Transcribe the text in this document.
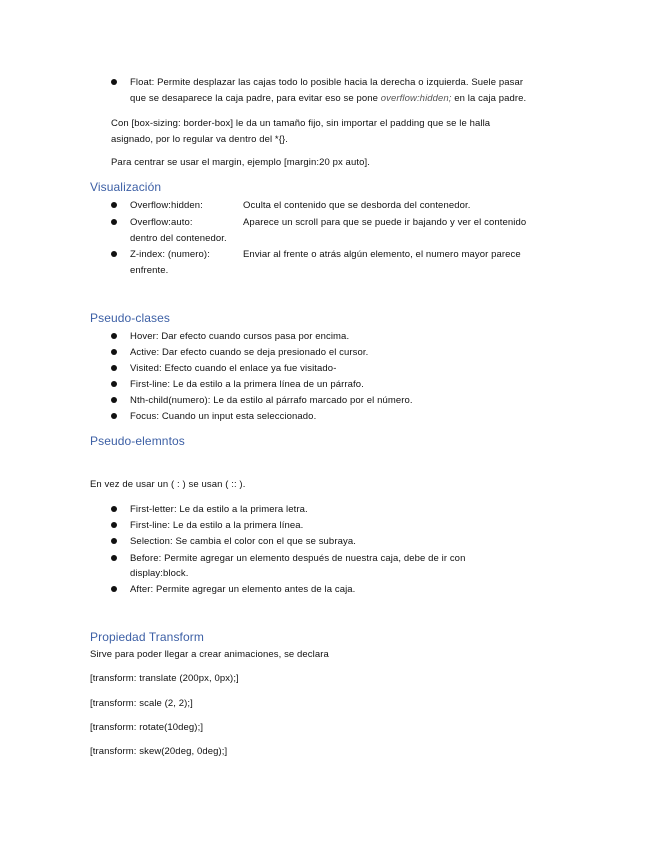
Float: Permite desplazar las cajas todo lo posible hacia la derecha o izquierda. Suele pasar
que se desaparece la caja padre, para evitar eso se pone overflow:hidden; en la caja padre.
Con [box-sizing: border-box] le da un tamaño fijo, sin importar el padding que se le halla
asignado, por lo regular va dentro del *{}.
Para centrar se usar el margin, ejemplo [margin:20 px auto].
Visualización
Overflow:hidden:	Oculta el contenido que se desborda del contenedor.
Overflow:auto:	Aparece un scroll para que se puede ir bajando y ver el contenido
dentro del contenedor.
Z-index: (numero):	Enviar al frente o atrás algún elemento, el numero mayor parece
enfrente.
Pseudo-clases
Hover: Dar efecto cuando cursos pasa por encima.
Active: Dar efecto cuando se deja presionado el cursor.
Visited: Efecto cuando el enlace ya fue visitado-
First-line: Le da estilo a la primera línea de un párrafo.
Nth-child(numero): Le da estilo al párrafo marcado por el número.
Focus: Cuando un input esta seleccionado.
Pseudo-elemntos
En vez de usar un ( : ) se usan ( :: ).
First-letter: Le da estilo a la primera letra.
First-line: Le da estilo a la primera línea.
Selection: Se cambia el color con el que se subraya.
Before: Permite agregar un elemento después de nuestra caja, debe de ir con
display:block.
After: Permite agregar un elemento antes de la caja.
Propiedad Transform
Sirve para poder llegar a crear animaciones, se declara
[transform: translate (200px, 0px);]
[transform: scale (2, 2);]
[transform: rotate(10deg);]
[transform: skew(20deg, 0deg);]
